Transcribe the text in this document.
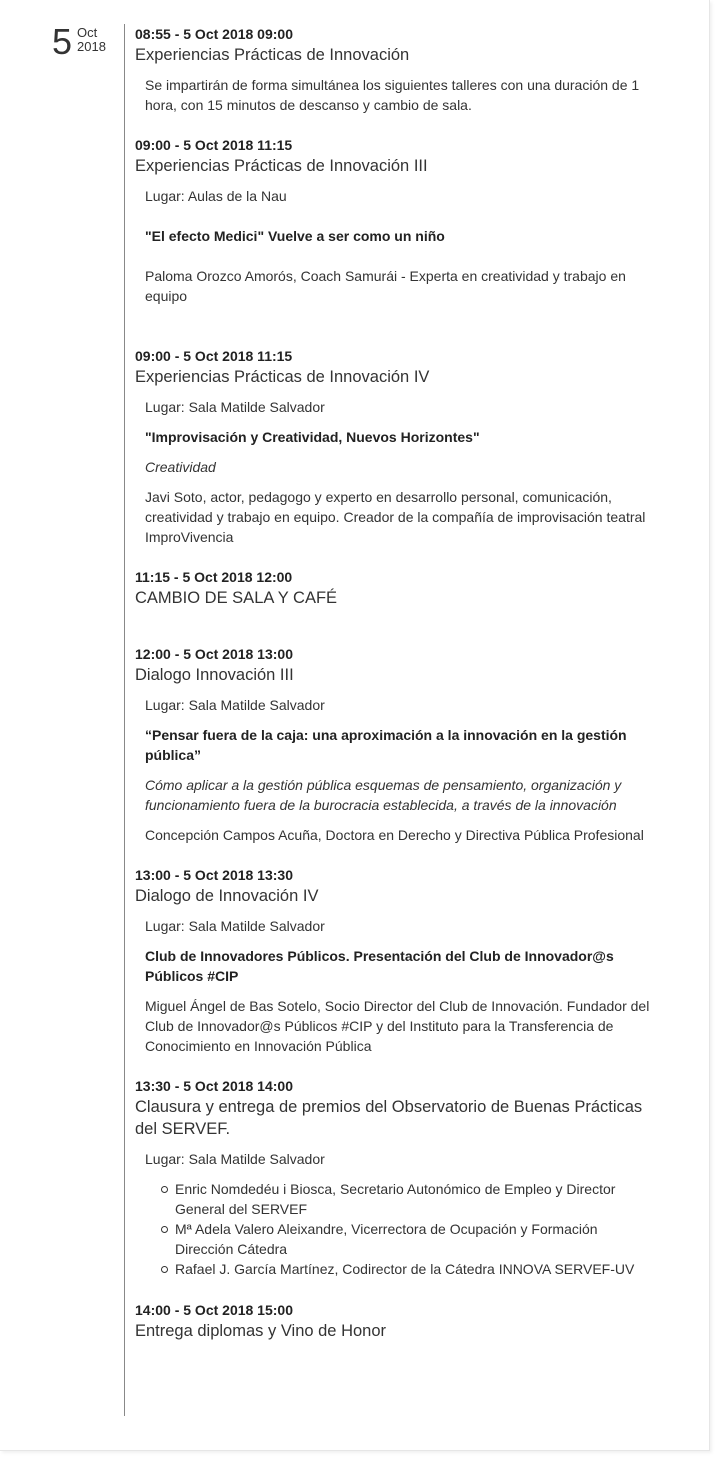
5 Oct
2018
08:55 - 5 Oct 2018 09:00
Experiencias Prácticas de Innovación

Se impartirán de forma simultánea los siguientes talleres con una duración de 1 hora, con 15 minutos de descanso y cambio de sala.

09:00 - 5 Oct 2018 11:15
Experiencias Prácticas de Innovación III

Lugar: Aulas de la Nau

"El efecto Medici" Vuelve a ser como un niño

Paloma Orozco Amorós, Coach Samurái - Experta en creatividad y trabajo en equipo

09:00 - 5 Oct 2018 11:15
Experiencias Prácticas de Innovación IV

Lugar: Sala Matilde Salvador

"Improvisación y Creatividad, Nuevos Horizontes"

Creatividad

Javi Soto, actor, pedagogo y experto en desarrollo personal, comunicación, creatividad y trabajo en equipo. Creador de la compañía de improvisación teatral ImproVivencia

11:15 - 5 Oct 2018 12:00
CAMBIO DE SALA Y CAFÉ
12:00 - 5 Oct 2018 13:00
Dialogo Innovación III

Lugar: Sala Matilde Salvador

“Pensar fuera de la caja: una aproximación a la innovación en la gestión pública”

Cómo aplicar a la gestión pública esquemas de pensamiento, organización y funcionamiento fuera de la burocracia establecida, a través de la innovación

Concepción Campos Acuña, Doctora en Derecho y Directiva Pública Profesional

13:00 - 5 Oct 2018 13:30
Dialogo de Innovación IV

Lugar: Sala Matilde Salvador

Club de Innovadores Públicos. Presentación del Club de Innovador@s Públicos #CIP

Miguel Ángel de Bas Sotelo, Socio Director del Club de Innovación. Fundador del Club de Innovador@s Públicos #CIP y del Instituto para la Transferencia de Conocimiento en Innovación Pública

13:30 - 5 Oct 2018 14:00
Clausura y entrega de premios del Observatorio de Buenas Prácticas del SERVEF.

Lugar: Sala Matilde Salvador

Enric Nomdedéu i Biosca, Secretario Autonómico de Empleo y Director General del SERVEF
Mª Adela Valero Aleixandre, Vicerrectora de Ocupación y Formación Dirección Cátedra
Rafael J. García Martínez, Codirector de la Cátedra INNOVA SERVEF-UV
14:00 - 5 Oct 2018 15:00
Entrega diplomas y Vino de Honor
